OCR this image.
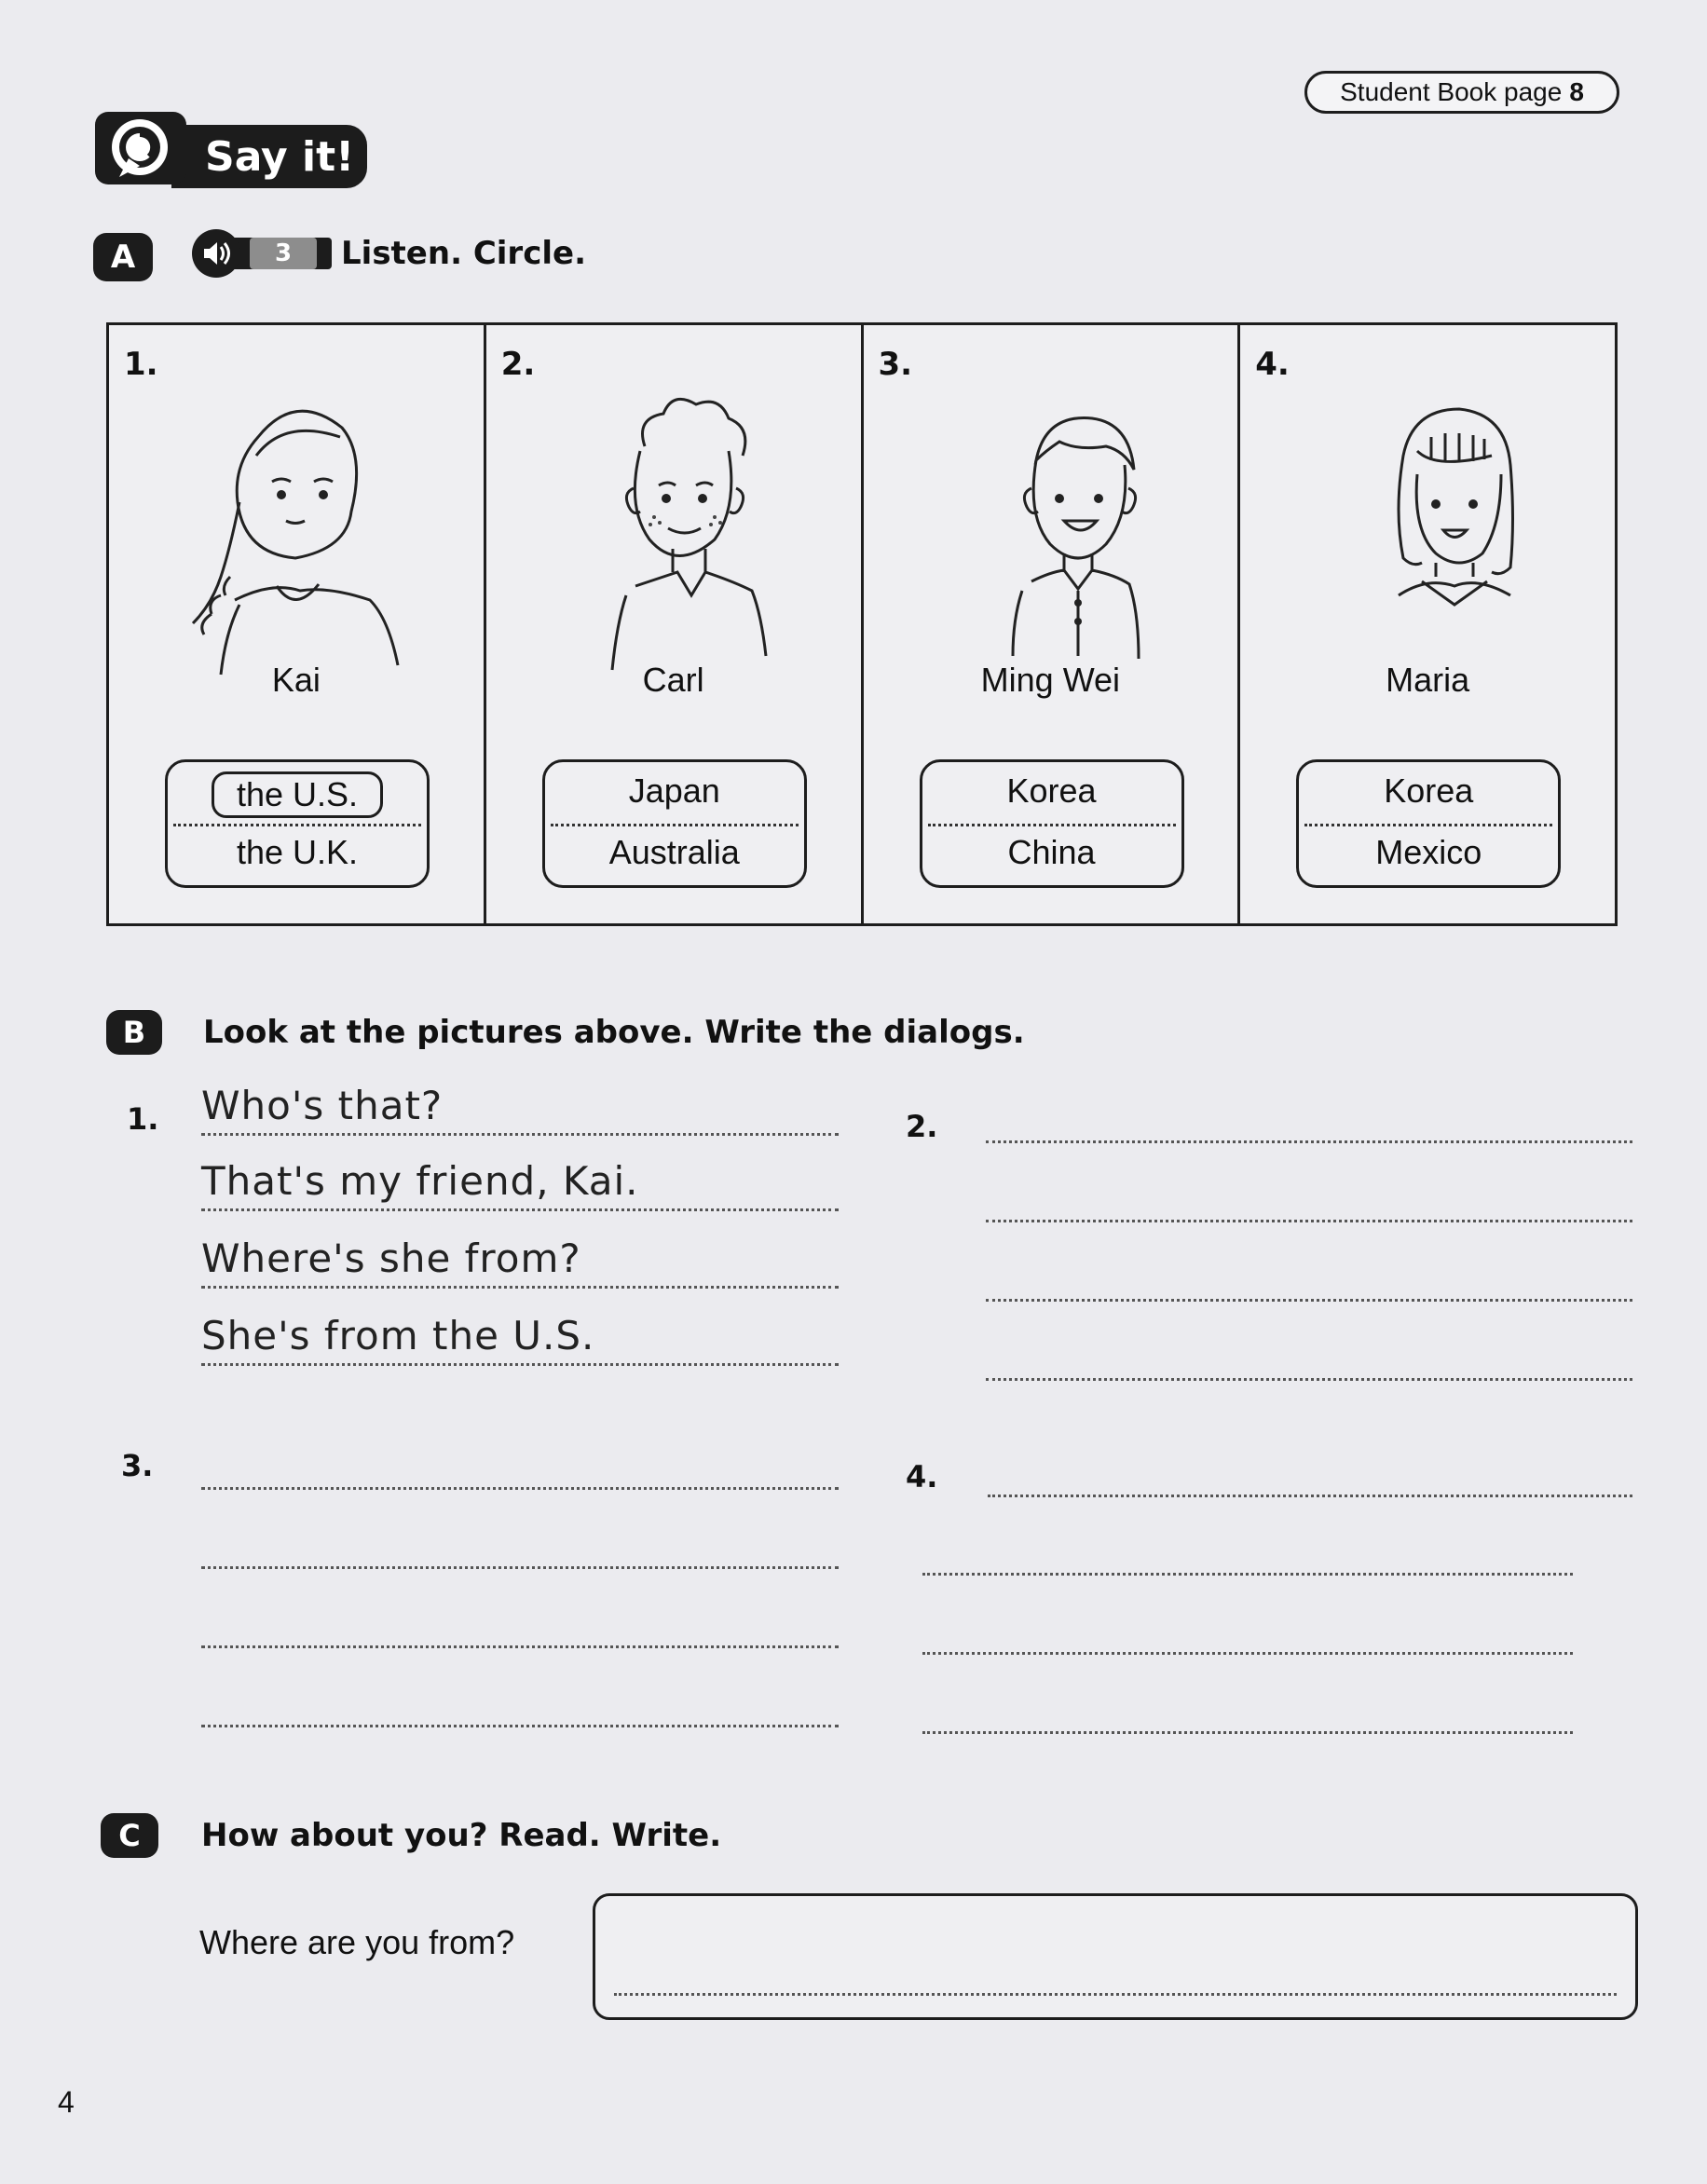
Student Book page 8
Say it!
A	3	Listen. Circle.
1.
Kai
the U.S.
the U.K.
2.
Carl
Japan
Australia
3.
Ming Wei
Korea
China
4.
Maria
Korea
Mexico
B Look at the pictures above. Write the dialogs.
1. Who's that?
That's my friend, Kai.
Where's she from?
She's from the U.S.
2.
3.	4.
C How about you? Read. Write.
Where are you from?
4
